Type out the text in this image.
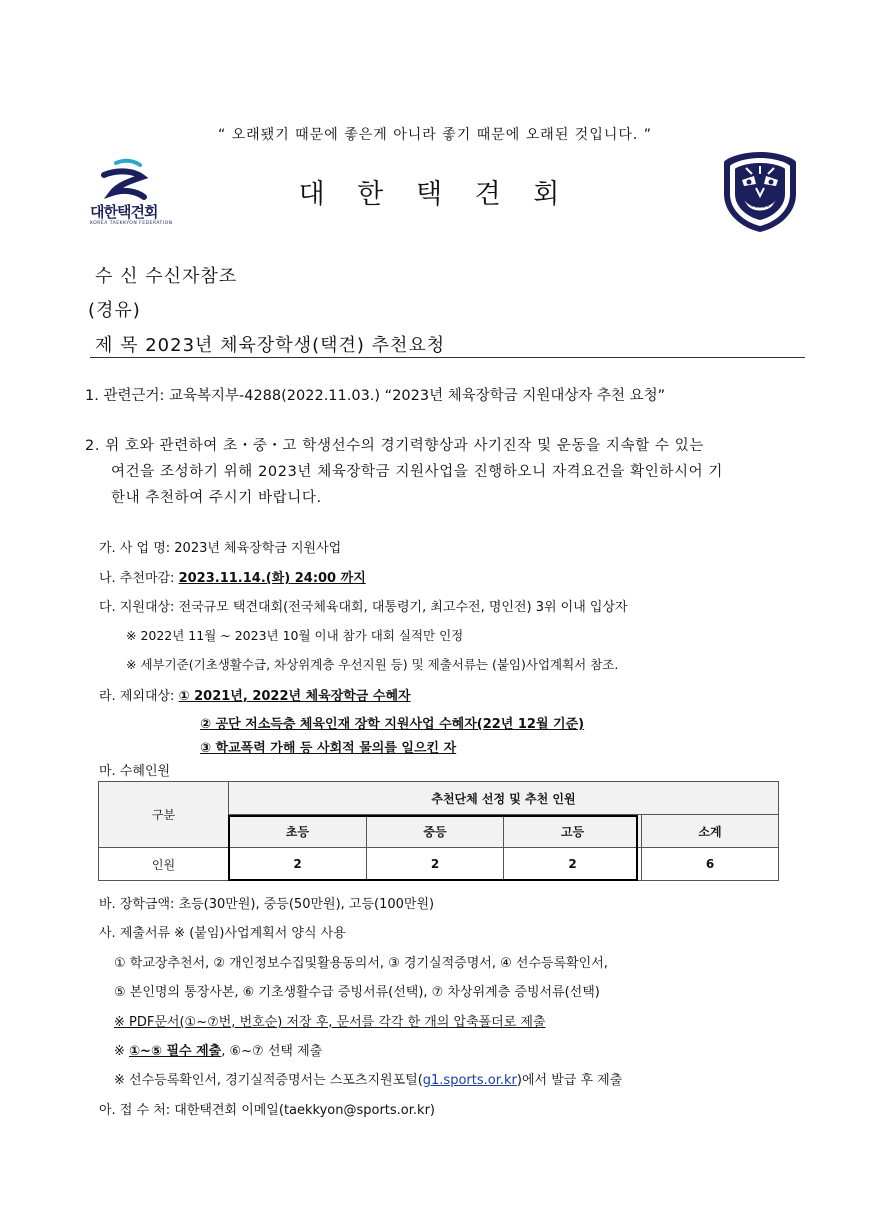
“ 오래됐기 때문에 좋은게 아니라 좋기 때문에 오래된 것입니다. ”
대한택견회
KOREA TAEKKYON FEDERATION
대 한 택 견 회
수 신 수신자참조
(경유)
제 목 2023년 체육장학생(택견) 추천요청
1. 관련근거: 교육복지부-4288(2022.11.03.) “2023년 체육장학금 지원대상자 추천 요청”
2. 위 호와 관련하여 초・중・고 학생선수의 경기력향상과 사기진작 및 운동을 지속할 수 있는
여건을 조성하기 위해 2023년 체육장학금 지원사업을 진행하오니 자격요건을 확인하시어 기
한내 추천하여 주시기 바랍니다.
가. 사 업 명: 2023년 체육장학금 지원사업
나. 추천마감: 2023.11.14.(화) 24:00 까지
다. 지원대상: 전국규모 택견대회(전국체육대회, 대통령기, 최고수전, 명인전) 3위 이내 입상자
※ 2022년 11월 ~ 2023년 10월 이내 참가 대회 실적만 인정
※ 세부기준(기초생활수급, 차상위계층 우선지원 등) 및 제출서류는 (붙임)사업계획서 참조.
라. 제외대상: ① 2021년, 2022년 체육장학금 수혜자
② 공단 저소득층 체육인재 장학 지원사업 수혜자(22년 12월 기준)
③ 학교폭력 가해 등 사회적 물의를 일으킨 자
마. 수혜인원
구분	추천단체 선정 및 추천 인원			
	초등	중등	고등	소계
인원	2	2	2	6
바. 장학금액: 초등(30만원), 중등(50만원), 고등(100만원)
사. 제출서류 ※ (붙임)사업계획서 양식 사용
① 학교장추천서, ② 개인정보수집및활용동의서, ③ 경기실적증명서, ④ 선수등록확인서,
⑤ 본인명의 통장사본, ⑥ 기초생활수급 증빙서류(선택), ⑦ 차상위계층 증빙서류(선택)
※ PDF문서(①~⑦번, 번호순) 저장 후, 문서를 각각 한 개의 압축폴더로 제출
※ ①~⑤ 필수 제출, ⑥~⑦ 선택 제출
※ 선수등록확인서, 경기실적증명서는 스포츠지원포털(g1.sports.or.kr)에서 발급 후 제출
아. 접 수 처: 대한택견회 이메일(taekkyon@sports.or.kr)
